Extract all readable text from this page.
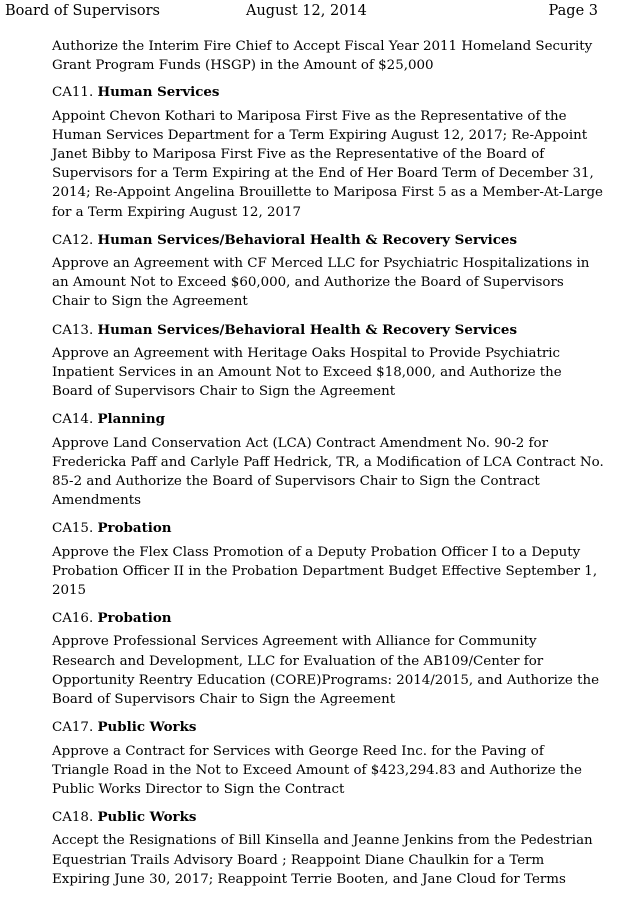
Board of Supervisors	August 12, 2014	Page 3

Authorize the Interim Fire Chief to Accept Fiscal Year 2011 Homeland Security Grant Program Funds (HSGP) in the Amount of $25,000

CA11. Human Services

Appoint Chevon Kothari to Mariposa First Five as the Representative of the Human Services Department for a Term Expiring August 12, 2017; Re-Appoint Janet Bibby to Mariposa First Five as the Representative of the Board of Supervisors for a Term Expiring at the End of Her Board Term of December 31, 2014; Re-Appoint Angelina Brouillette to Mariposa First 5 as a Member-At-Large for a Term Expiring August 12, 2017

CA12. Human Services/Behavioral Health & Recovery Services

Approve an Agreement with CF Merced LLC for Psychiatric Hospitalizations in an Amount Not to Exceed $60,000, and Authorize the Board of Supervisors Chair to Sign the Agreement

CA13. Human Services/Behavioral Health & Recovery Services

Approve an Agreement with Heritage Oaks Hospital to Provide Psychiatric Inpatient Services in an Amount Not to Exceed $18,000, and Authorize the Board of Supervisors Chair to Sign the Agreement

CA14. Planning

Approve Land Conservation Act (LCA) Contract Amendment No. 90-2 for Fredericka Paff and Carlyle Paff Hedrick, TR, a Modification of LCA Contract No. 85-2 and Authorize the Board of Supervisors Chair to Sign the Contract Amendments

CA15. Probation

Approve the Flex Class Promotion of a Deputy Probation Officer I to a Deputy Probation Officer II in the Probation Department Budget Effective September 1, 2015

CA16. Probation

Approve Professional Services Agreement with Alliance for Community Research and Development, LLC for Evaluation of the AB109/Center for Opportunity Reentry Education (CORE)Programs: 2014/2015, and Authorize the Board of Supervisors Chair to Sign the Agreement

CA17. Public Works

Approve a Contract for Services with George Reed Inc. for the Paving of Triangle Road in the Not to Exceed Amount of $423,294.83 and Authorize the Public Works Director to Sign the Contract

CA18. Public Works

Accept the Resignations of Bill Kinsella and Jeanne Jenkins from the Pedestrian Equestrian Trails Advisory Board ; Reappoint Diane Chaulkin for a Term Expiring June 30, 2017; Reappoint Terrie Booten, and Jane Cloud for Terms
